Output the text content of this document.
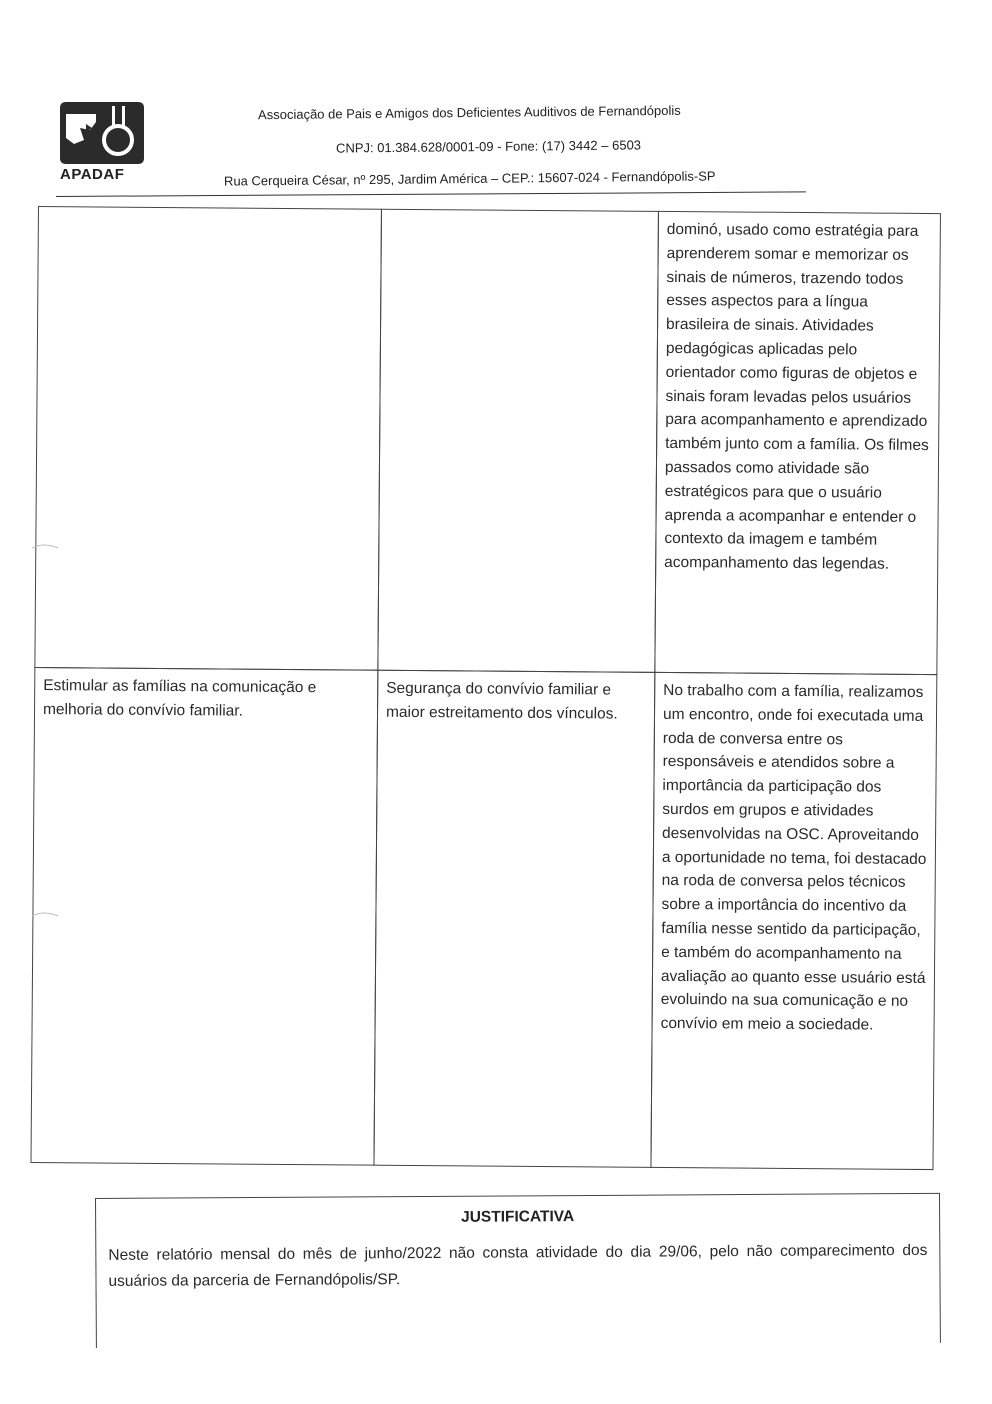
APADAF
Associação de Pais e Amigos dos Deficientes Auditivos de Fernandópolis
CNPJ: 01.384.628/0001-09 - Fone: (17) 3442 – 6503
Rua Cerqueira César, nº 295, Jardim América – CEP.: 15607-024 - Fernandópolis-SP
dominó, usado como estratégia para aprenderem somar e memorizar os sinais de números, trazendo todos esses aspectos para a língua brasileira de sinais. Atividades pedagógicas aplicadas pelo orientador como figuras de objetos e sinais foram levadas pelos usuários para acompanhamento e aprendizado também junto com a família. Os filmes passados como atividade são estratégicos para que o usuário aprenda a acompanhar e entender o contexto da imagem e também acompanhamento das legendas.
Estimular as famílias na comunicação e melhoria do convívio familiar.
Segurança do convívio familiar e maior estreitamento dos vínculos.
No trabalho com a família, realizamos um encontro, onde foi executada uma roda de conversa entre os responsáveis e atendidos sobre a importância da participação dos surdos em grupos e atividades desenvolvidas na OSC. Aproveitando a oportunidade no tema, foi destacado na roda de conversa pelos técnicos sobre a importância do incentivo da família nesse sentido da participação, e também do acompanhamento na avaliação ao quanto esse usuário está evoluindo na sua comunicação e no convívio em meio a sociedade.
JUSTIFICATIVA
Neste relatório mensal do mês de junho/2022 não consta atividade do dia 29/06, pelo não comparecimento dos usuários da parceria de Fernandópolis/SP.
